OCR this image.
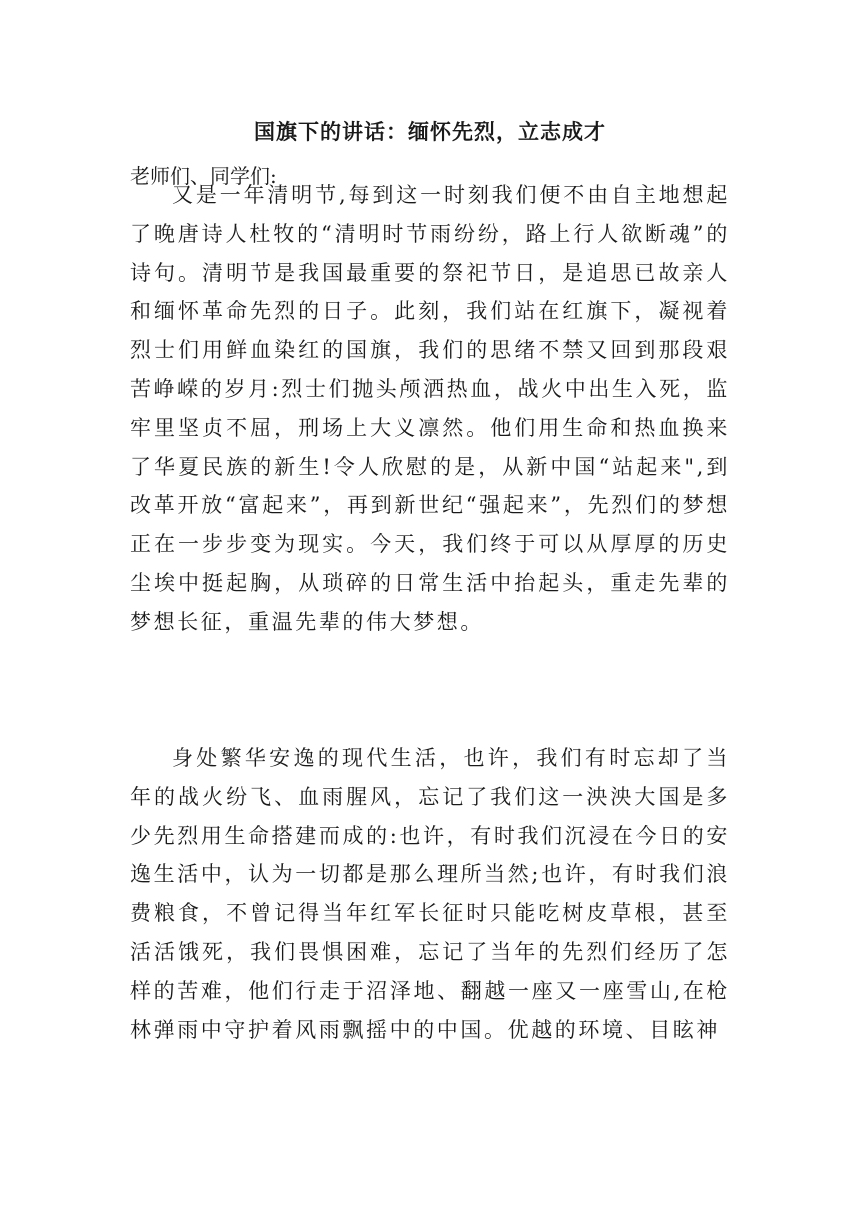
国旗下的讲话：缅怀先烈，立志成才
老师们、同学们:

又是一年清明节,每到这一时刻我们便不由自主地想起了晚唐诗人杜牧的“清明时节雨纷纷，路上行人欲断魂”的诗句。清明节是我国最重要的祭祀节日，是追思已故亲人和缅怀革命先烈的日子。此刻，我们站在红旗下，凝视着烈士们用鲜血染红的国旗，我们的思绪不禁又回到那段艰苦峥嵘的岁月:烈士们抛头颅洒热血，战火中出生入死，监牢里坚贞不屈，刑场上大义凛然。他们用生命和热血换来了华夏民族的新生!令人欣慰的是，从新中国“站起来",到改革开放“富起来”，再到新世纪“强起来”，先烈们的梦想正在一步步变为现实。今天，我们终于可以从厚厚的历史尘埃中挺起胸，从琐碎的日常生活中抬起头，重走先辈的梦想长征，重温先辈的伟大梦想。

身处繁华安逸的现代生活，也许，我们有时忘却了当年的战火纷飞、血雨腥风，忘记了我们这一泱泱大国是多少先烈用生命搭建而成的:也许，有时我们沉浸在今日的安逸生活中，认为一切都是那么理所当然;也许，有时我们浪费粮食，不曾记得当年红军长征时只能吃树皮草根，甚至活活饿死，我们畏惧困难，忘记了当年的先烈们经历了怎样的苦难，他们行走于沼泽地、翻越一座又一座雪山,在枪林弹雨中守护着风雨飘摇中的中国。优越的环境、目眩神
